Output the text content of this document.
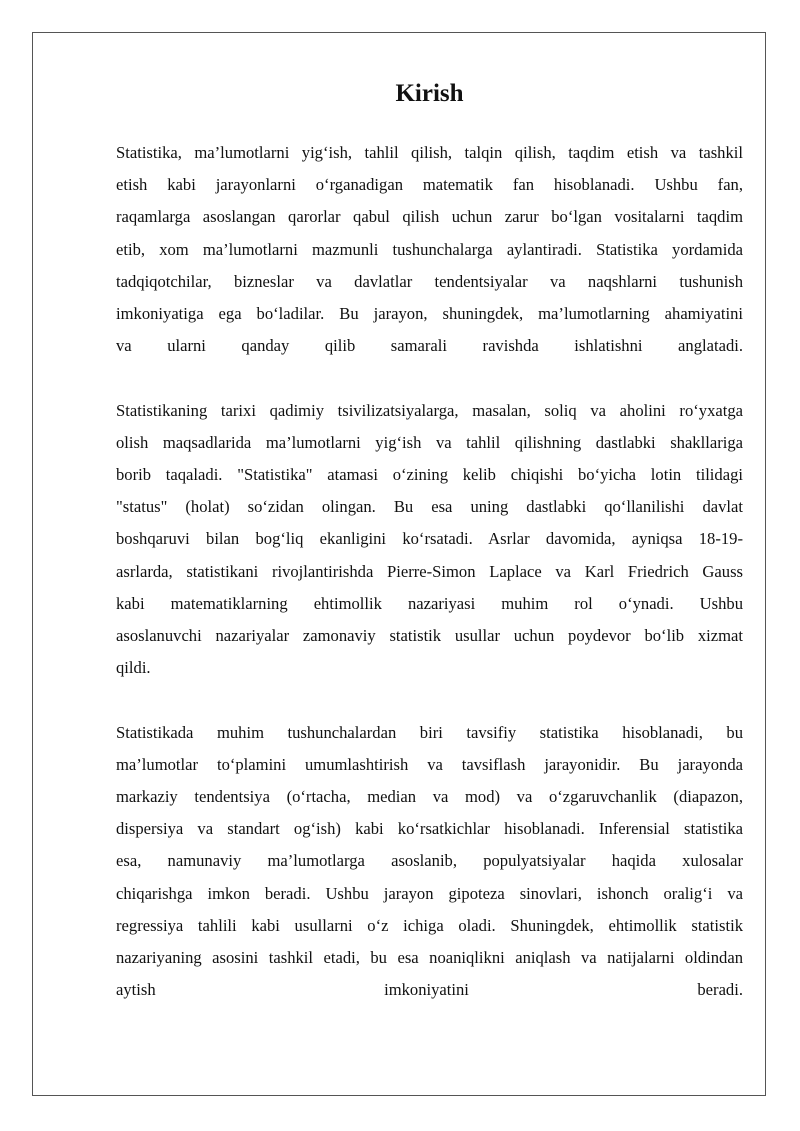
Kirish
Statistika, ma’lumotlarni yig‘ish, tahlil qilish, talqin qilish, taqdim etish va tashkil
etish kabi jarayonlarni o‘rganadigan matematik fan hisoblanadi. Ushbu fan,
raqamlarga asoslangan qarorlar qabul qilish uchun zarur bo‘lgan vositalarni taqdim
etib, xom ma’lumotlarni mazmunli tushunchalarga aylantiradi. Statistika yordamida
tadqiqotchilar, bizneslar va davlatlar tendentsiyalar va naqshlarni tushunish
imkoniyatiga ega bo‘ladilar. Bu jarayon, shuningdek, ma’lumotlarning ahamiyatini
va ularni qanday qilib samarali ravishda ishlatishni anglatadi.
Statistikaning tarixi qadimiy tsivilizatsiyalarga, masalan, soliq va aholini ro‘yxatga
olish maqsadlarida ma’lumotlarni yig‘ish va tahlil qilishning dastlabki shakllariga
borib taqaladi. "Statistika" atamasi o‘zining kelib chiqishi bo‘yicha lotin tilidagi
"status" (holat) so‘zidan olingan. Bu esa uning dastlabki qo‘llanilishi davlat
boshqaruvi bilan bog‘liq ekanligini ko‘rsatadi. Asrlar davomida, ayniqsa 18-19-
asrlarda, statistikani rivojlantirishda Pierre-Simon Laplace va Karl Friedrich Gauss
kabi matematiklarning ehtimollik nazariyasi muhim rol o‘ynadi. Ushbu
asoslanuvchi nazariyalar zamonaviy statistik usullar uchun poydevor bo‘lib xizmat
qildi.
Statistikada muhim tushunchalardan biri tavsifiy statistika hisoblanadi, bu
ma’lumotlar to‘plamini umumlashtirish va tavsiflash jarayonidir. Bu jarayonda
markaziy tendentsiya (o‘rtacha, median va mod) va o‘zgaruvchanlik (diapazon,
dispersiya va standart og‘ish) kabi ko‘rsatkichlar hisoblanadi. Inferensial statistika
esa, namunaviy ma’lumotlarga asoslanib, populyatsiyalar haqida xulosalar
chiqarishga imkon beradi. Ushbu jarayon gipoteza sinovlari, ishonch oralig‘i va
regressiya tahlili kabi usullarni o‘z ichiga oladi. Shuningdek, ehtimollik statistik
nazariyaning asosini tashkil etadi, bu esa noaniqlikni aniqlash va natijalarni oldindan
aytish imkoniyatini beradi.
